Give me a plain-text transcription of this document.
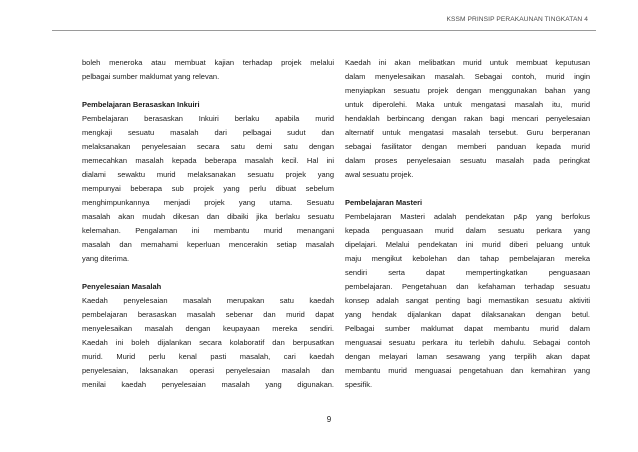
KSSM PRINSIP PERAKAUNAN TINGKATAN 4
boleh meneroka atau membuat kajian terhadap projek melalui
pelbagai sumber maklumat yang relevan.
Pembelajaran Berasaskan Inkuiri
Pembelajaran berasaskan Inkuiri berlaku apabila murid
mengkaji sesuatu masalah dari pelbagai sudut dan
melaksanakan penyelesaian secara satu demi satu dengan
memecahkan masalah kepada beberapa masalah kecil. Hal ini
dialami sewaktu murid melaksanakan sesuatu projek yang
mempunyai beberapa sub projek yang perlu dibuat sebelum
menghimpunkannya menjadi projek yang utama. Sesuatu
masalah akan mudah dikesan dan dibaiki jika berlaku sesuatu
kelemahan. Pengalaman ini membantu murid menangani
masalah dan memahami keperluan mencerakin setiap masalah
yang diterima.
Penyelesaian Masalah
Kaedah penyelesaian masalah merupakan satu kaedah
pembelajaran berasaskan masalah sebenar dan murid dapat
menyelesaikan masalah dengan keupayaan mereka sendiri.
Kaedah ini boleh dijalankan secara kolaboratif dan berpusatkan
murid. Murid perlu kenal pasti masalah, cari kaedah
penyelesaian, laksanakan operasi penyelesaian masalah dan
menilai kaedah penyelesaian masalah yang digunakan.
Kaedah ini akan melibatkan murid untuk membuat keputusan
dalam menyelesaikan masalah. Sebagai contoh, murid ingin
menyiapkan sesuatu projek dengan menggunakan bahan yang
untuk diperolehi. Maka untuk mengatasi masalah itu, murid
hendaklah berbincang dengan rakan bagi mencari penyelesaian
alternatif untuk mengatasi masalah tersebut. Guru berperanan
sebagai fasilitator dengan memberi panduan kepada murid
dalam proses penyelesaian sesuatu masalah pada peringkat
awal sesuatu projek.
Pembelajaran Masteri
Pembelajaran Masteri adalah pendekatan p&p yang berfokus
kepada penguasaan murid dalam sesuatu perkara yang
dipelajari. Melalui pendekatan ini murid diberi peluang untuk
maju mengikut kebolehan dan tahap pembelajaran mereka
sendiri serta dapat mempertingkatkan penguasaan
pembelajaran. Pengetahuan dan kefahaman terhadap sesuatu
konsep adalah sangat penting bagi memastikan sesuatu aktiviti
yang hendak dijalankan dapat dilaksanakan dengan betul.
Pelbagai sumber maklumat dapat membantu murid dalam
menguasai sesuatu perkara itu terlebih dahulu. Sebagai contoh
dengan melayari laman sesawang yang terpilih akan dapat
membantu murid menguasai pengetahuan dan kemahiran yang
spesifik.
9
